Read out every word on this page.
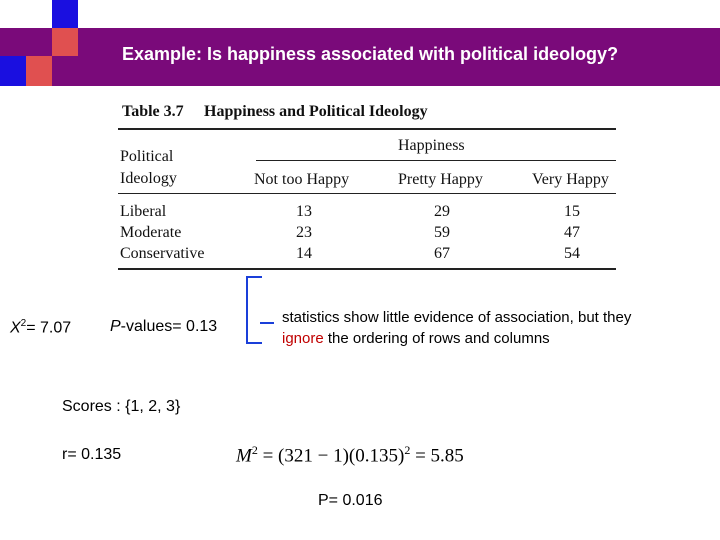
Example: Is happiness associated with political ideology?
Table 3.7 Happiness and Political Ideology
Happiness
Political
Ideology	Not too Happy	Pretty Happy	Very Happy
Liberal	13	29	15
Moderate	23	59	47
Conservative	14	67	54
$X^2= 7.07$ P-values= 0.13
statistics show little evidence of association, but they
ignore the ordering of rows and columns
Scores : {1, 2, 3}
r= 0.135	$M^2 = (321 - 1)(0.135)^2 = 5.85$
P= 0.016
